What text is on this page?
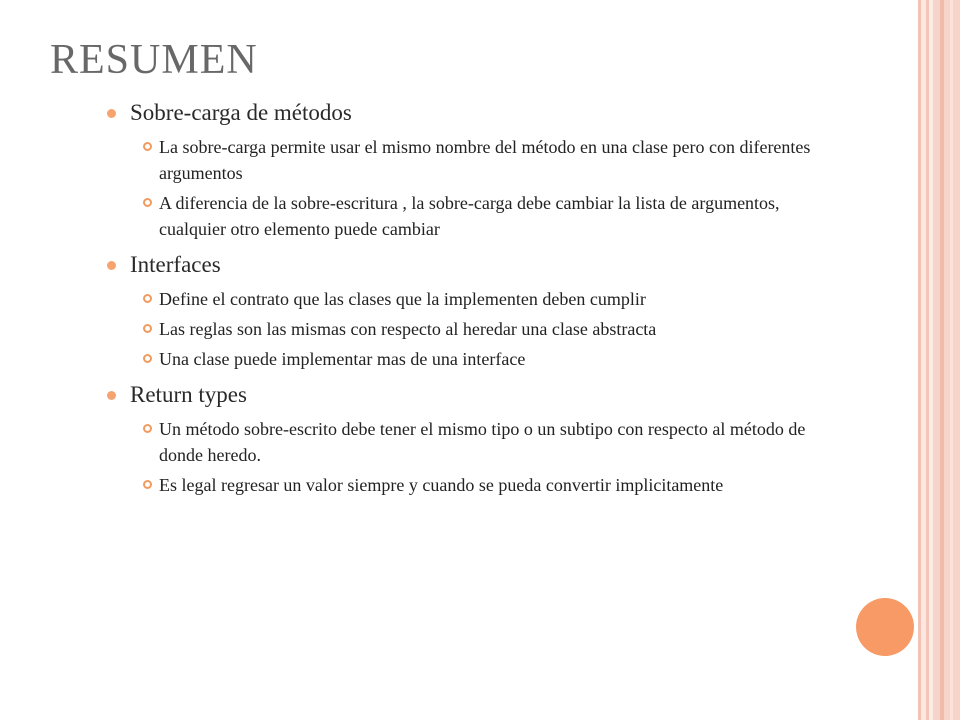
RESUMEN
Sobre-carga de métodos
La sobre-carga permite usar el mismo nombre del método en una clase pero con diferentes argumentos
A diferencia de la sobre-escritura , la sobre-carga debe cambiar la lista de argumentos, cualquier otro elemento puede cambiar
Interfaces
Define el contrato que las clases que la implementen deben cumplir
Las reglas son las mismas con respecto al heredar una clase abstracta
Una clase puede implementar mas de una interface
Return types
Un método sobre-escrito debe tener el mismo tipo o un subtipo con respecto al método de donde heredo.
Es legal regresar un valor siempre y cuando se pueda convertir implicitamente
